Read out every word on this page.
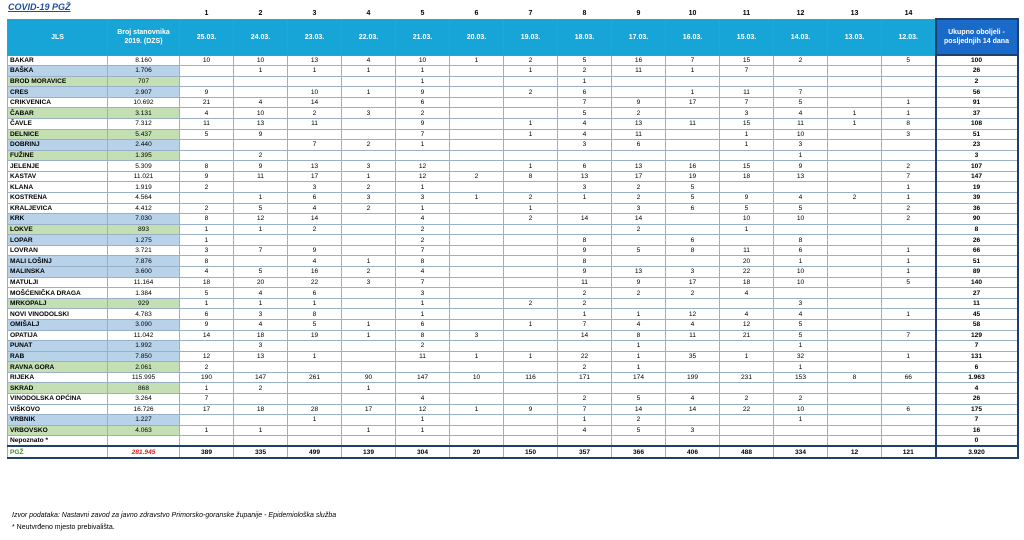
COVID-19 PGŽ
		1	2	3	4	5	6	7	8	9	10	11	12	13	14	
JLS	Broj stanovnika 2019. (DZS)	25.03.	24.03.	23.03.	22.03.	21.03.	20.03.	19.03.	18.03.	17.03.	16.03.	15.03.	14.03.	13.03.	12.03.	Ukupno oboljeli - posljednjih 14 dana
BAKAR	8.160	10	10	13	4	10	1	2	5	16	7	15	2		5	100
BAŠKA	1.706		1	1	1	1		1	2	11	1	7				26
BROD MORAVICE	707					1			1							2
CRES	2.907	9		10	1	9		2	6		1	11	7			56
CRIKVENICA	10.692	21	4	14		6			7	9	17	7	5		1	91
ČABAR	3.131	4	10	2	3	2			5	2		3	4	1	1	37
ČAVLE	7.312	11	13	11		9		1	4	13	11	15	11	1	8	108
DELNICE	5.437	5	9			7		1	4	11		1	10		3	51
DOBRINJ	2.440			7	2	1			3	6		1	3			23
FUŽINE	1.395		2										1			3
JELENJE	5.309	8	9	13	3	12		1	6	13	16	15	9		2	107
KASTAV	11.021	9	11	17	1	12	2	8	13	17	19	18	13		7	147
KLANA	1.919	2		3	2	1			3	2	5				1	19
KOSTRENA	4.564		1	6	3	3	1	2	1	2	5	9	4	2	1	39
KRALJEVICA	4.412	2	5	4	2	1		1		3	6	5	5		2	36
KRK	7.030	8	12	14		4		2	14	14		10	10		2	90
LOKVE	893	1	1	2		2				2		1				8
LOPAR	1.275	1				2			8		6		8			26
LOVRAN	3.721	3	7	9		7			9	5	8	11	6		1	66
MALI LOŠINJ	7.876	8		4	1	8			8			20	1		1	51
MALINSKA	3.600	4	5	16	2	4			9	13	3	22	10		1	89
MATULJI	11.164	18	20	22	3	7			11	9	17	18	10		5	140
MOŠĆENIČKA DRAGA	1.384	5	4	6		3			2	2	2	4				27
MRKOPALJ	929	1	1	1		1		2	2				3			11
NOVI VINODOLSKI	4.783	6	3	8		1			1	1	12	4	4		1	45
OMIŠALJ	3.090	9	4	5	1	6		1	7	4	4	12	5			58
OPATIJA	11.042	14	18	19	1	8	3		14	8	11	21	5		7	129
PUNAT	1.992		3			2				1			1			7
RAB	7.850	12	13	1		11	1	1	22	1	35	1	32		1	131
RAVNA GORA	2.061	2							2	1			1			6
RIJEKA	115.995	190	147	261	90	147	10	116	171	174	199	231	153	8	66	1.963
SKRAD	868	1	2		1											4
VINODOLSKA OPĆINA	3.264	7				4			2	5	4	2	2			26
VIŠKOVO	16.726	17	18	28	17	12	1	9	7	14	14	22	10		6	175
VRBNIK	1.227			1		1			1	2			1			7
VRBOVSKO	4.063	1	1		1	1			4	5	3					16
Nepoznato *																0
PGŽ	281.945	389	335	499	139	304	20	150	357	366	406	488	334	12	121	3.920
Izvor podataka: Nastavni zavod za javno zdravstvo Primorsko-goranske županije - Epidemiološka služba
* Neutvrđeno mjesto prebivališta.
